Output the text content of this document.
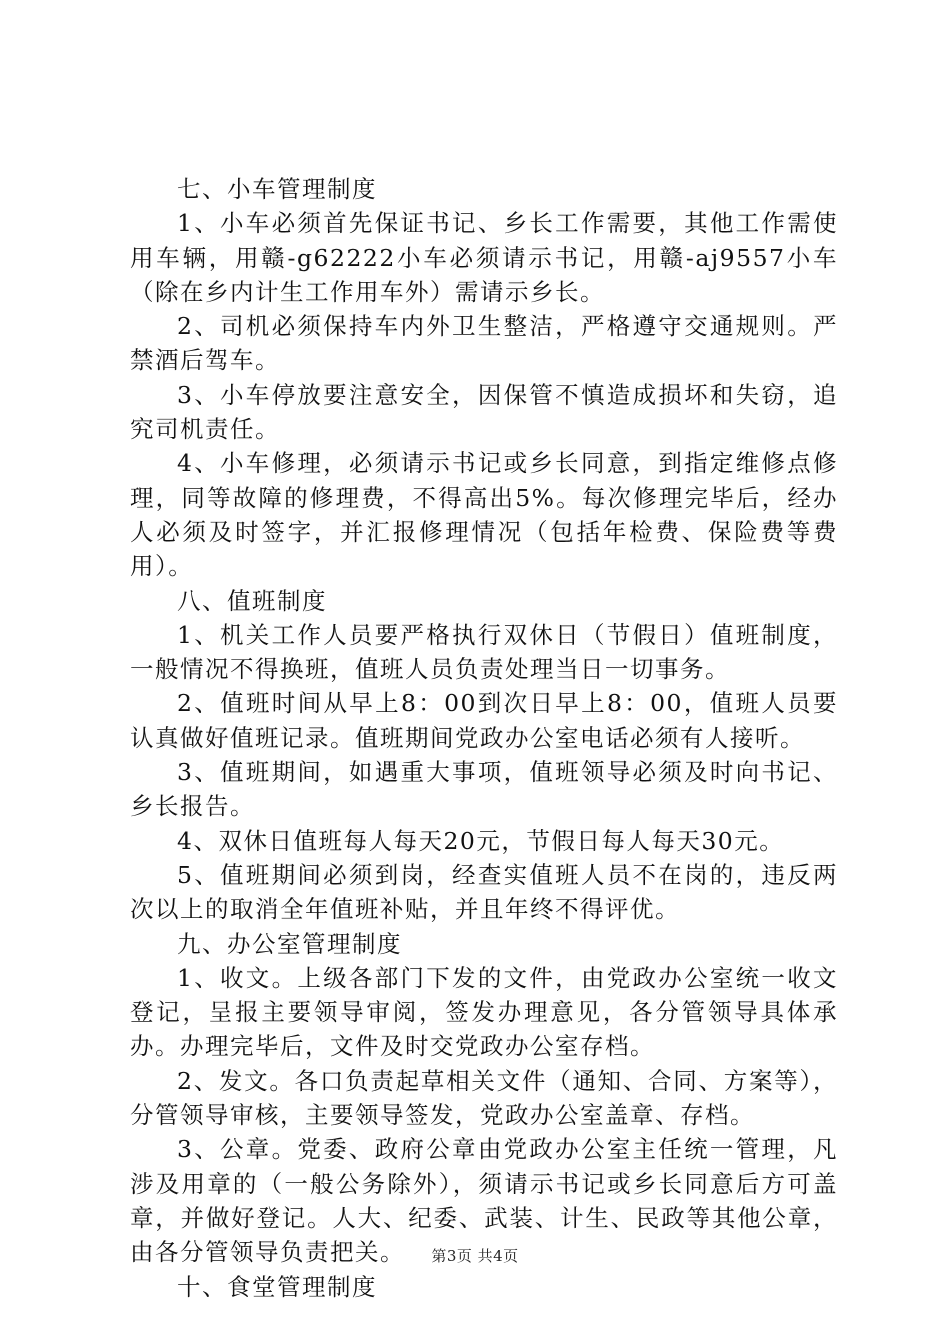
七、小车管理制度

1、小车必须首先保证书记、乡长工作需要，其他工作需使用车辆，用赣-g62222小车必须请示书记，用赣-aj9557小车（除在乡内计生工作用车外）需请示乡长。

2、司机必须保持车内外卫生整洁，严格遵守交通规则。严禁酒后驾车。

3、小车停放要注意安全，因保管不慎造成损坏和失窃，追究司机责任。

4、小车修理，必须请示书记或乡长同意，到指定维修点修理，同等故障的修理费，不得高出5%。每次修理完毕后，经办人必须及时签字，并汇报修理情况（包括年检费、保险费等费用）。

八、值班制度

1、机关工作人员要严格执行双休日（节假日）值班制度，一般情况不得换班，值班人员负责处理当日一切事务。

2、值班时间从早上8：00到次日早上8：00，值班人员要认真做好值班记录。值班期间党政办公室电话必须有人接听。

3、值班期间，如遇重大事项，值班领导必须及时向书记、乡长报告。

4、双休日值班每人每天20元，节假日每人每天30元。

5、值班期间必须到岗，经查实值班人员不在岗的，违反两次以上的取消全年值班补贴，并且年终不得评优。

九、办公室管理制度

1、收文。上级各部门下发的文件，由党政办公室统一收文登记，呈报主要领导审阅，签发办理意见，各分管领导具体承办。办理完毕后，文件及时交党政办公室存档。

2、发文。各口负责起草相关文件（通知、合同、方案等），分管领导审核，主要领导签发，党政办公室盖章、存档。

3、公章。党委、政府公章由党政办公室主任统一管理，凡涉及用章的（一般公务除外），须请示书记或乡长同意后方可盖章，并做好登记。人大、纪委、武装、计生、民政等其他公章，由各分管领导负责把关。

十、食堂管理制度

第3页 共4页
